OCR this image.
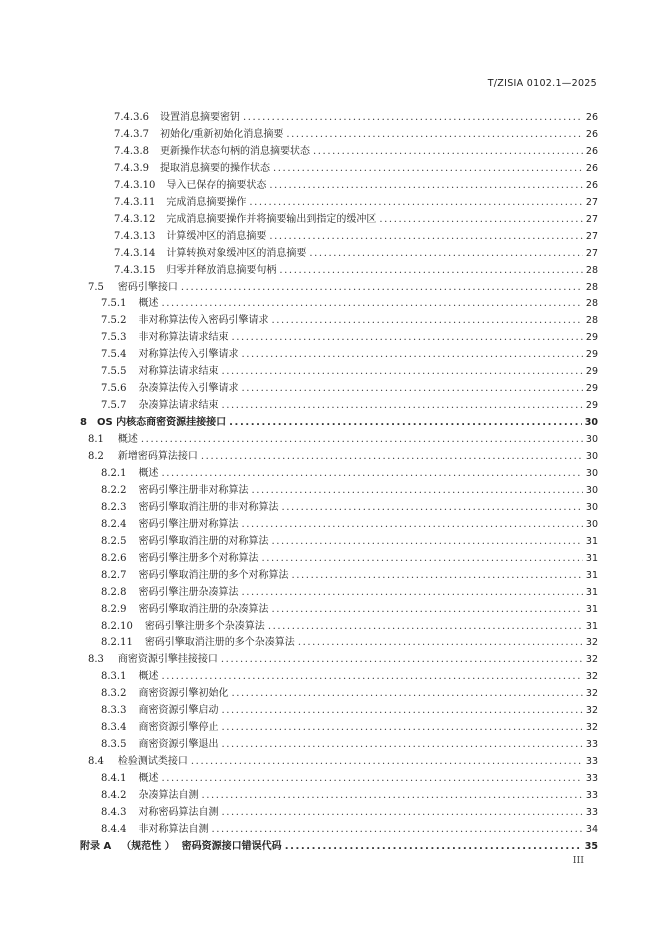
T/ZISIA 0102.1—2025
7.4.3.6 设置消息摘要密钥 .....	26
7.4.3.7 初始化/重新初始化消息摘要 .....	26
7.4.3.8 更新操作状态句柄的消息摘要状态 .....	26
7.4.3.9 提取消息摘要的操作状态 .....	26
7.4.3.10 导入已保存的摘要状态 .....	26
7.4.3.11 完成消息摘要操作 .....	27
7.4.3.12 完成消息摘要操作并将摘要输出到指定的缓冲区 .....	27
7.4.3.13 计算缓冲区的消息摘要 .....	27
7.4.3.14 计算转换对象缓冲区的消息摘要 .....	27
7.4.3.15 归零并释放消息摘要句柄 .....	28
7.5 密码引擎接口 .....	28
7.5.1 概述 .....	28
7.5.2 非对称算法传入密码引擎请求 .....	28
7.5.3 非对称算法请求结束 .....	29
7.5.4 对称算法传入引擎请求 .....	29
7.5.5 对称算法请求结束 .....	29
7.5.6 杂凑算法传入引擎请求 .....	29
7.5.7 杂凑算法请求结束 .....	29
8 OS 内核态商密资源挂接接口 .....	30
8.1 概述 .....	30
8.2 新增密码算法接口 .....	30
8.2.1 概述 .....	30
8.2.2 密码引擎注册非对称算法 .....	30
8.2.3 密码引擎取消注册的非对称算法 .....	30
8.2.4 密码引擎注册对称算法 .....	30
8.2.5 密码引擎取消注册的对称算法 .....	31
8.2.6 密码引擎注册多个对称算法 .....	31
8.2.7 密码引擎取消注册的多个对称算法 .....	31
8.2.8 密码引擎注册杂凑算法 .....	31
8.2.9 密码引擎取消注册的杂凑算法 .....	31
8.2.10 密码引擎注册多个杂凑算法 .....	31
8.2.11 密码引擎取消注册的多个杂凑算法 .....	32
8.3 商密资源引擎挂接接口 .....	32
8.3.1 概述 .....	32
8.3.2 商密资源引擎初始化 .....	32
8.3.3 商密资源引擎启动 .....	32
8.3.4 商密资源引擎停止 .....	32
8.3.5 商密资源引擎退出 .....	33
8.4 检验测试类接口 .....	33
8.4.1 概述 .....	33
8.4.2 杂凑算法自测 .....	33
8.4.3 对称密码算法自测 .....	33
8.4.4 非对称算法自测 .....	34
附录 A （规范性 ）  密码资源接口错误代码 .....	35
III
